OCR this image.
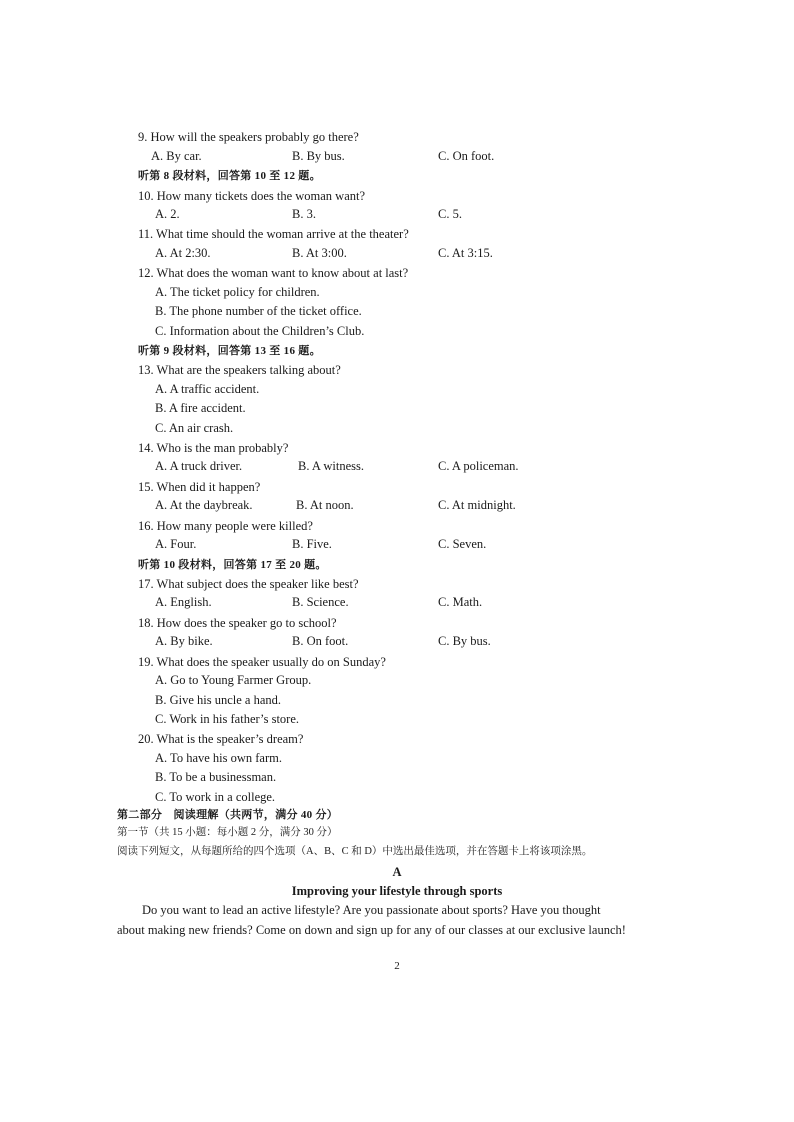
9. How will the speakers probably go there?
A. By car.	B. By bus.	C. On foot.
听第 8 段材料，回答第 10 至 12 题。
10. How many tickets does the woman want?
A. 2.	B. 3.	C. 5.
11. What time should the woman arrive at the theater?
A. At 2:30.	B. At 3:00.	C. At 3:15.
12. What does the woman want to know about at last?
A. The ticket policy for children.
B. The phone number of the ticket office.
C. Information about the Children’s Club.
听第 9 段材料，回答第 13 至 16 题。
13. What are the speakers talking about?
A. A traffic accident.
B. A fire accident.
C. An air crash.
14. Who is the man probably?
A. A truck driver.	B. A witness.	C. A policeman.
15. When did it happen?
A. At the daybreak.	B. At noon.	C. At midnight.
16. How many people were killed?
A. Four.	B. Five.	C. Seven.
听第 10 段材料，回答第 17 至 20 题。
17. What subject does the speaker like best?
A. English.	B. Science.	C. Math.
18. How does the speaker go to school?
A. By bike.	B. On foot.	C. By bus.
19. What does the speaker usually do on Sunday?
A. Go to Young Farmer Group.
B. Give his uncle a hand.
C. Work in his father’s store.
20. What is the speaker’s dream?
A. To have his own farm.
B. To be a businessman.
C. To work in a college.
第二部分　阅读理解（共两节，满分 40 分）
第一节（共 15 小题：每小题 2 分，满分 30 分）
阅读下列短文，从每题所给的四个选项（A、B、C 和 D）中选出最佳选项，并在答题卡上将该项涂黑。
A
Improving your lifestyle through sports
Do you want to lead an active lifestyle? Are you passionate about sports? Have you thought
about making new friends? Come on down and sign up for any of our classes at our exclusive launch!
2
